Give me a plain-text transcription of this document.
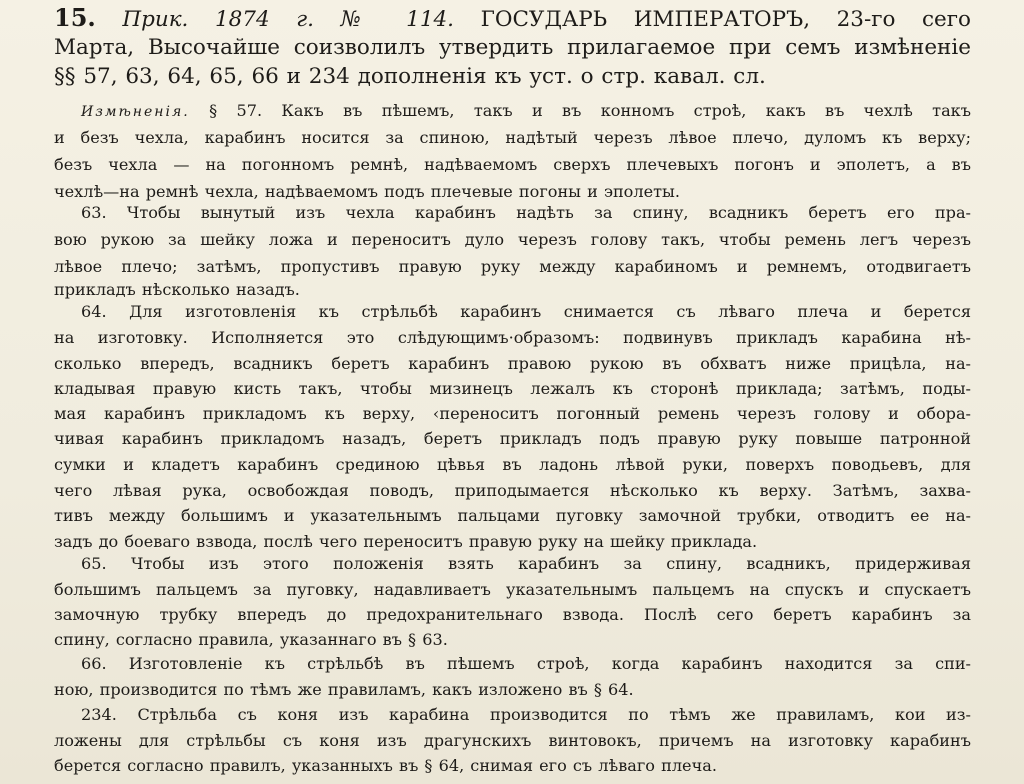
15. Прик. 1874 г. № 114. ГОСУДАРЬ ИМПЕРАТОРЪ, 23-го сего
Марта, Высочайше соизволилъ утвердить прилагаемое при семъ измѣненіе
§§ 57, 63, 64, 65, 66 и 234 дополненія къ уст. о стр. кавал. сл.
Измѣненія. § 57. Какъ въ пѣшемъ, такъ и въ конномъ строѣ, какъ въ чехлѣ такъ
и безъ чехла, карабинъ носится за спиною, надѣтый черезъ лѣвое плечо, дуломъ къ верху;
безъ чехла — на погонномъ ремнѣ, надѣваемомъ сверхъ плечевыхъ погонъ и эполетъ, а въ
чехлѣ—на ремнѣ чехла, надѣваемомъ подъ плечевые погоны и эполеты.
63. Чтобы вынутый изъ чехла карабинъ надѣть за спину, всадникъ беретъ его пра-
вою рукою за шейку ложа и переноситъ дуло черезъ голову такъ, чтобы ремень легъ черезъ
лѣвое плечо; затѣмъ, пропустивъ правую руку между карабиномъ и ремнемъ, отодвигаетъ
прикладъ нѣсколько назадъ.
64. Для изготовленія къ стрѣльбѣ карабинъ снимается съ лѣваго плеча и берется
на изготовку. Исполняется это слѣдующимъ·образомъ: подвинувъ прикладъ карабина нѣ-
сколько впередъ, всадникъ беретъ карабинъ правою рукою въ обхватъ ниже прицѣла, на-
кладывая правую кисть такъ, чтобы мизинецъ лежалъ къ сторонѣ приклада; затѣмъ, поды-
мая карабинъ прикладомъ къ верху, ‹переноситъ погонный ремень черезъ голову и обора-
чивая карабинъ прикладомъ назадъ, беретъ прикладъ подъ правую руку повыше патронной
сумки и кладетъ карабинъ срединою цѣвья въ ладонь лѣвой руки, поверхъ поводьевъ, для
чего лѣвая рука, освобождая поводъ, приподымается нѣсколько къ верху. Затѣмъ, захва-
тивъ между большимъ и указательнымъ пальцами пуговку замочной трубки, отводитъ ее на-
задъ до боеваго взвода, послѣ чего переноситъ правую руку на шейку приклада.
65. Чтобы изъ этого положенія взять карабинъ за спину, всадникъ, придерживая
большимъ пальцемъ за пуговку, надавливаетъ указательнымъ пальцемъ на спускъ и спускаетъ
замочную трубку впередъ до предохранительнаго взвода. Послѣ сего беретъ карабинъ за
спину, согласно правила, указаннаго въ § 63.
66. Изготовленіе къ стрѣльбѣ въ пѣшемъ строѣ, когда карабинъ находится за спи-
ною, производится по тѣмъ же правиламъ, какъ изложено въ § 64.
234. Стрѣльба съ коня изъ карабина производится по тѣмъ же правиламъ, кои из-
ложены для стрѣльбы съ коня изъ драгунскихъ винтовокъ, причемъ на изготовку карабинъ
берется согласно правилъ, указанныхъ въ § 64, снимая его съ лѣваго плеча.
